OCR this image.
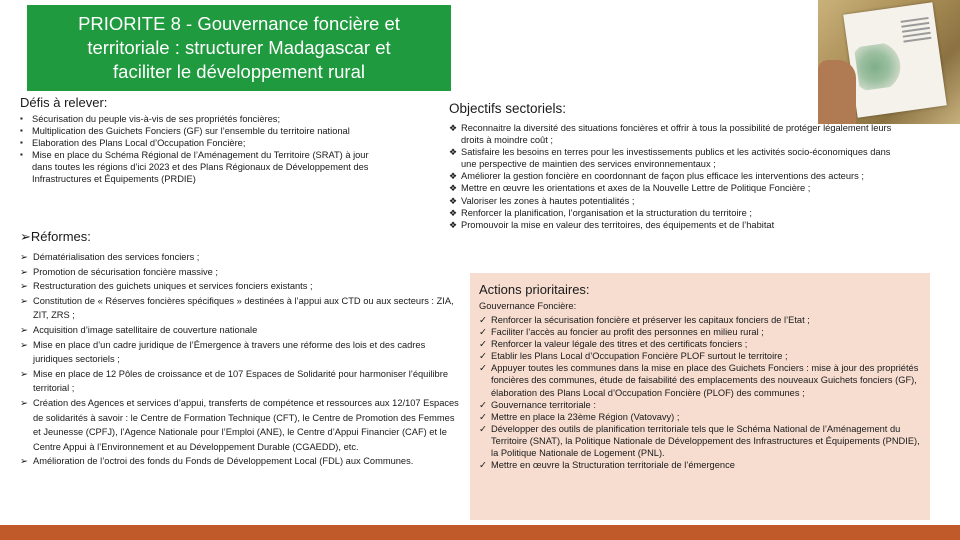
PRIORITE 8 - Gouvernance foncière et
territoriale : structurer Madagascar et
faciliter le développement rural
Défis à relever:
▪ Sécurisation du peuple vis-à-vis de ses propriétés foncières;
▪ Multiplication des Guichets Fonciers (GF) sur l’ensemble du territoire national
▪ Elaboration des Plans Local d’Occupation Foncière;
▪ Mise en place du Schéma Régional de l’Aménagement du Territoire (SRAT) à jour dans toutes les régions d’ici 2023 et des Plans Régionaux de Développement des Infrastructures et Équipements (PRDIE)
➢Réformes:
➢ Dématérialisation des services fonciers ;
➢ Promotion de sécurisation foncière massive ;
➢ Restructuration des guichets uniques et services fonciers existants ;
➢ Constitution de « Réserves foncières spécifiques » destinées à l’appui aux CTD ou aux secteurs : ZIA, ZIT, ZRS ;
➢ Acquisition d’image satellitaire de couverture nationale
➢ Mise en place d’un cadre juridique de l’Émergence à travers une réforme des lois et des cadres juridiques sectoriels ;
➢ Mise en place de 12 Pôles de croissance et de 107 Espaces de Solidarité pour harmoniser l’équilibre territorial ;
➢ Création des Agences et services d’appui, transferts de compétence et ressources aux 12/107 Espaces de solidarités à savoir : le Centre de Formation Technique (CFT), le Centre de Promotion des Femmes et Jeunesse (CPFJ), l’Agence Nationale pour l’Emploi (ANE), le Centre d’Appui Financier (CAF) et le Centre Appui à l’Environnement et au Développement Durable (CGAEDD), etc.
➢ Amélioration de l’octroi des fonds du Fonds de Développement Local (FDL) aux Communes.
Objectifs sectoriels:
❖ Reconnaitre la diversité des situations foncières et offrir à tous la possibilité de protéger légalement leurs droits à moindre coût ;
❖ Satisfaire les besoins en terres pour les investissements publics et les activités socio-économiques dans une perspective de maintien des services environnementaux ;
❖ Améliorer la gestion foncière en coordonnant de façon plus efficace les interventions des acteurs ;
❖ Mettre en œuvre les orientations et axes de la Nouvelle Lettre de Politique Foncière ;
❖ Valoriser les zones à hautes potentialités ;
❖ Renforcer la planification, l’organisation et la structuration du territoire ;
❖ Promouvoir la mise en valeur des territoires, des équipements et de l’habitat
Actions prioritaires:
Gouvernance Foncière:
✓ Renforcer la sécurisation foncière et préserver les capitaux fonciers de l’Etat ;
✓ Faciliter l’accès au foncier au profit des personnes en milieu rural ;
✓ Renforcer la valeur légale des titres et des certificats fonciers ;
✓ Etablir les Plans Local d’Occupation Foncière PLOF surtout le territoire ;
✓ Appuyer toutes les communes dans la mise en place des Guichets Fonciers : mise à jour des propriétés foncières des communes, étude de faisabilité des emplacements des nouveaux Guichets fonciers (GF), élaboration des Plans Local d’Occupation Foncière (PLOF) des communes ;
✓ Gouvernance territoriale :
✓ Mettre en place la 23ème Région (Vatovavy) ;
✓ Développer des outils de planification territoriale tels que le Schéma National de l’Aménagement du Territoire (SNAT), la Politique Nationale de Développement des Infrastructures et Équipements (PNDIE), la Politique Nationale de Logement (PNL).
✓ Mettre en œuvre la Structuration territoriale de l’émergence
